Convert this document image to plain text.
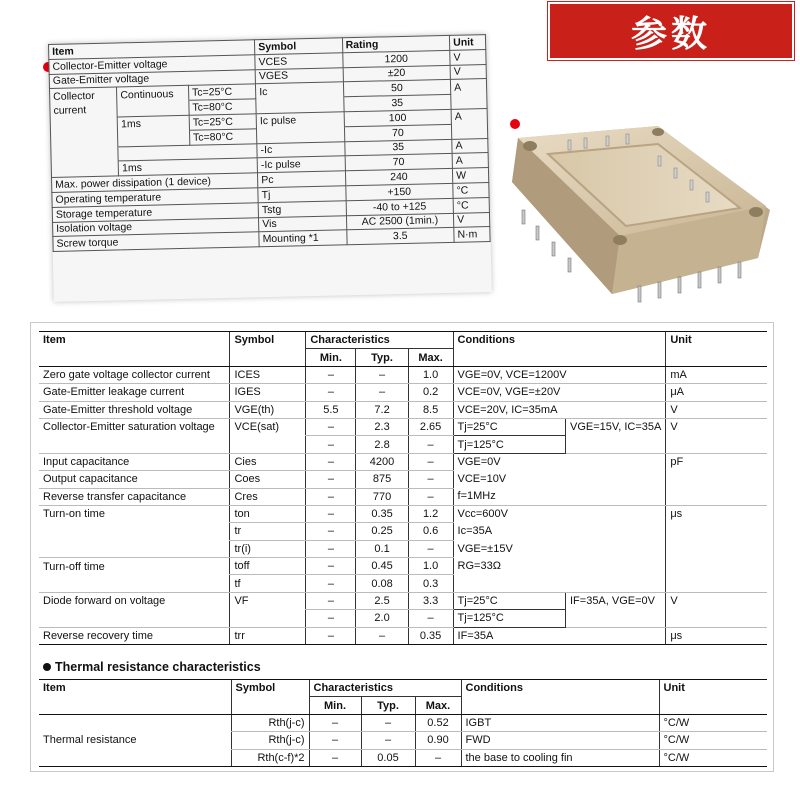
参数
Item			Symbol	Rating	Unit
Collector-Emitter voltage			VCES	1200	V
Gate-Emitter voltage			VGES	±20	V
Collector	Continuous	Tc=25°C	Ic	50	A
current		Tc=80°C		35	
	1ms	Tc=25°C	Ic pulse	100	A
		Tc=80°C		70	
			-Ic	35	A
	1ms		-Ic pulse	70	A
Max. power dissipation (1 device)			Pc	240	W
Operating temperature			Tj	+150	°C
Storage temperature			Tstg	-40 to +125	°C
Isolation voltage			Vis	AC 2500 (1min.)	V
Screw torque			Mounting *1	3.5	N·m
Item	Symbol	Characteristics			Conditions		Unit
		Min.	Typ.	Max.			
Zero gate voltage collector current	ICES	–	–	1.0	VGE=0V, VCE=1200V		mA
Gate-Emitter leakage current	IGES	–	–	0.2	VCE=0V, VGE=±20V		μA
Gate-Emitter threshold voltage	VGE(th)	5.5	7.2	8.5	VCE=20V, IC=35mA		V
Collector-Emitter saturation voltage	VCE(sat)	–	2.3	2.65	Tj=25°C	VGE=15V, IC=35A	V
		–	2.8	–	Tj=125°C		
Input capacitance	Cies	–	4200	–	VGE=0V		pF
Output capacitance	Coes	–	875	–	VCE=10V		
Reverse transfer capacitance	Cres	–	770	–	f=1MHz		
Turn-on time	ton	–	0.35	1.2	Vcc=600V		μs
	tr	–	0.25	0.6	Ic=35A		
	tr(i)	–	0.1	–	VGE=±15V		
Turn-off time	toff	–	0.45	1.0	RG=33Ω		
	tf	–	0.08	0.3			
Diode forward on voltage	VF	–	2.5	3.3	Tj=25°C	IF=35A, VGE=0V	V
		–	2.0	–	Tj=125°C		
Reverse recovery time	trr	–	–	0.35	IF=35A		μs
Thermal resistance characteristics
Item	Symbol	Characteristics			Conditions	Unit
		Min.	Typ.	Max.		
Thermal resistance	Rth(j-c)	–	–	0.52	IGBT	°C/W
	Rth(j-c)	–	–	0.90	FWD	°C/W
	Rth(c-f)*2	–	0.05	–	the base to cooling fin	°C/W
